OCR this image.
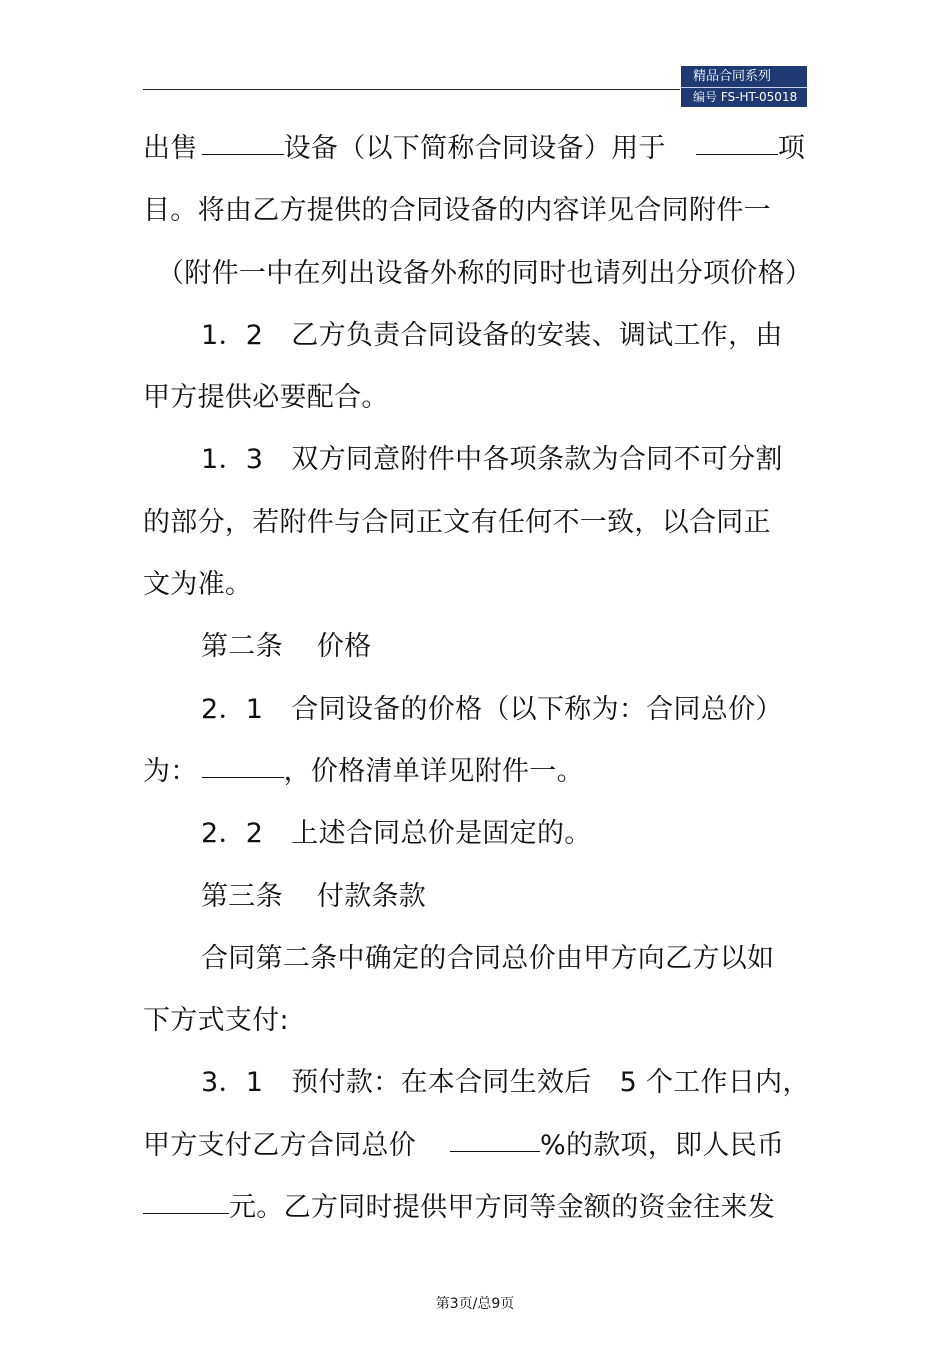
精品合同系列
编号 FS-HT-05018
出售	设备（以下简称合同设备）用于	项
目。将由乙方提供的合同设备的内容详见合同附件一
（附件一中在列出设备外称的同时也请列出分项价格）
1．2 乙方负责合同设备的安装、调试工作，由
甲方提供必要配合。
1．3 双方同意附件中各项条款为合同不可分割
的部分，若附件与合同正文有任何不一致，以合同正
文为准。
第二条 价格
2．1 合同设备的价格（以下称为：合同总价）
为：	，价格清单详见附件一。
2．2 上述合同总价是固定的。
第三条 付款条款
合同第二条中确定的合同总价由甲方向乙方以如
下方式支付:
3．1 预付款：在本合同生效后 5 个工作日内，
甲方支付乙方合同总价	%的款项，即人民币
元。乙方同时提供甲方同等金额的资金往来发
第3页/总9页
